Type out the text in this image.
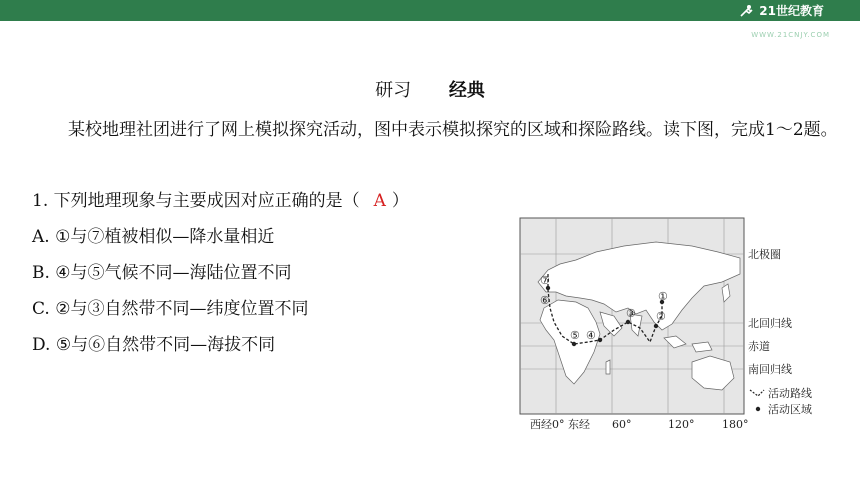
21世纪教育
WWW.21CNJY.COM
研习 经典
某校地理社团进行了网上模拟探究活动，图中表示模拟探究的区域和探险路线。读下图，完成1～2题。
1. 下列地理现象与主要成因对应正确的是（ A ）
A. ①与⑦植被相似—降水量相近
B. ④与⑤气候不同—海陆位置不同
C. ②与③自然带不同—纬度位置不同
D. ⑤与⑥自然带不同—海拔不同
①
②
③
④
⑤
⑥
⑦
北极圈
北回归线
赤道
南回归线
活动路线
活动区域
西经0° 东经 60°	120°	180°
